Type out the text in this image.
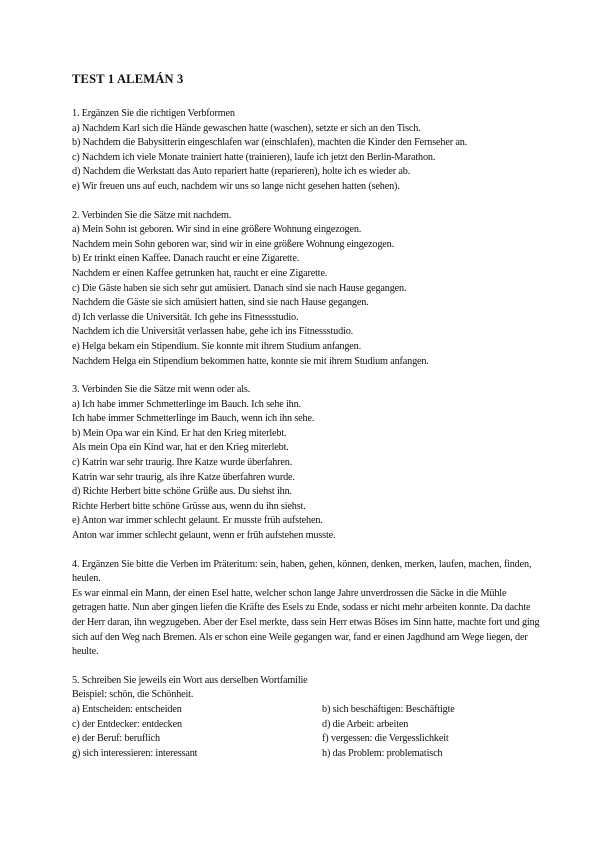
TEST 1 ALEMÁN 3
1. Ergänzen Sie die richtigen Verbformen
a) Nachdem Karl sich die Hände gewaschen hatte (waschen), setzte er sich an den Tisch.
b) Nachdem die Babysitterin eingeschlafen war (einschlafen), machten die Kinder den Fernseher an.
c) Nachdem ich viele Monate trainiert hatte (trainieren), laufe ich jetzt den Berlin-Marathon.
d) Nachdem die Werkstatt das Auto repariert hatte (reparieren), holte ich es wieder ab.
e) Wir freuen uns auf euch, nachdem wir uns so lange nicht gesehen hatten (sehen).
2. Verbinden Sie die Sätze mit nachdem.
a) Mein Sohn ist geboren. Wir sind in eine größere Wohnung eingezogen.
Nachdem mein Sohn geboren war, sind wir in eine größere Wohnung eingezogen.
b) Er trinkt einen Kaffee. Danach raucht er eine Zigarette.
Nachdem er einen Kaffee getrunken hat, raucht er eine Zigarette.
c) Die Gäste haben sie sich sehr gut amüsiert. Danach sind sie nach Hause gegangen.
Nachdem die Gäste sie sich amüsiert hatten, sind sie nach Hause gegangen.
d) Ich verlasse die Universität. Ich gehe ins Fitnessstudio.
Nachdem ich die Universität verlassen habe, gehe ich ins Fitnessstudio.
e) Helga bekam ein Stipendium. Sie konnte mit ihrem Studium anfangen.
Nachdem Helga ein Stipendium bekommen hatte, konnte sie mit ihrem Studium anfangen.
3. Verbinden Sie die Sätze mit wenn oder als.
a) Ich habe immer Schmetterlinge im Bauch. Ich sehe ihn.
Ich habe immer Schmetterlinge im Bauch, wenn ich ihn sehe.
b) Mein Opa war ein Kind. Er hat den Krieg miterlebt.
Als mein Opa ein Kind war, hat er den Krieg miterlebt.
c) Katrin war sehr traurig. Ihre Katze wurde überfahren.
Katrin war sehr traurig, als ihre Katze überfahren wurde.
d) Richte Herbert bitte schöne Grüße aus. Du siehst ihn.
Richte Herbert bitte schöne Grüsse aus, wenn du ihn siehst.
e) Anton war immer schlecht gelaunt. Er musste früh aufstehen.
Anton war immer schlecht gelaunt, wenn er früh aufstehen musste.
4. Ergänzen Sie bitte die Verben im Präteritum: sein, haben, gehen, können, denken, merken, laufen, machen, finden, heulen.
Es war einmal ein Mann, der einen Esel hatte, welcher schon lange Jahre unverdrossen die Säcke in die Mühle getragen hatte. Nun aber gingen liefen die Kräfte des Esels zu Ende, sodass er nicht mehr arbeiten konnte. Da dachte der Herr daran, ihn wegzugeben. Aber der Esel merkte, dass sein Herr etwas Böses im Sinn hatte, machte fort und ging sich auf den Weg nach Bremen. Als er schon eine Weile gegangen war, fand er einen Jagdhund am Wege liegen, der heulte.
5. Schreiben Sie jeweils ein Wort aus derselben Wortfamilie
Beispiel: schön, die Schönheit.
a) Entscheiden: entscheiden	b) sich beschäftigen: Beschäftigte
c) der Entdecker: entdecken	d) die Arbeit: arbeiten
e) der Beruf: beruflich	f) vergessen: die Vergesslichkeit
g) sich interessieren: interessant	h) das Problem: problematisch
